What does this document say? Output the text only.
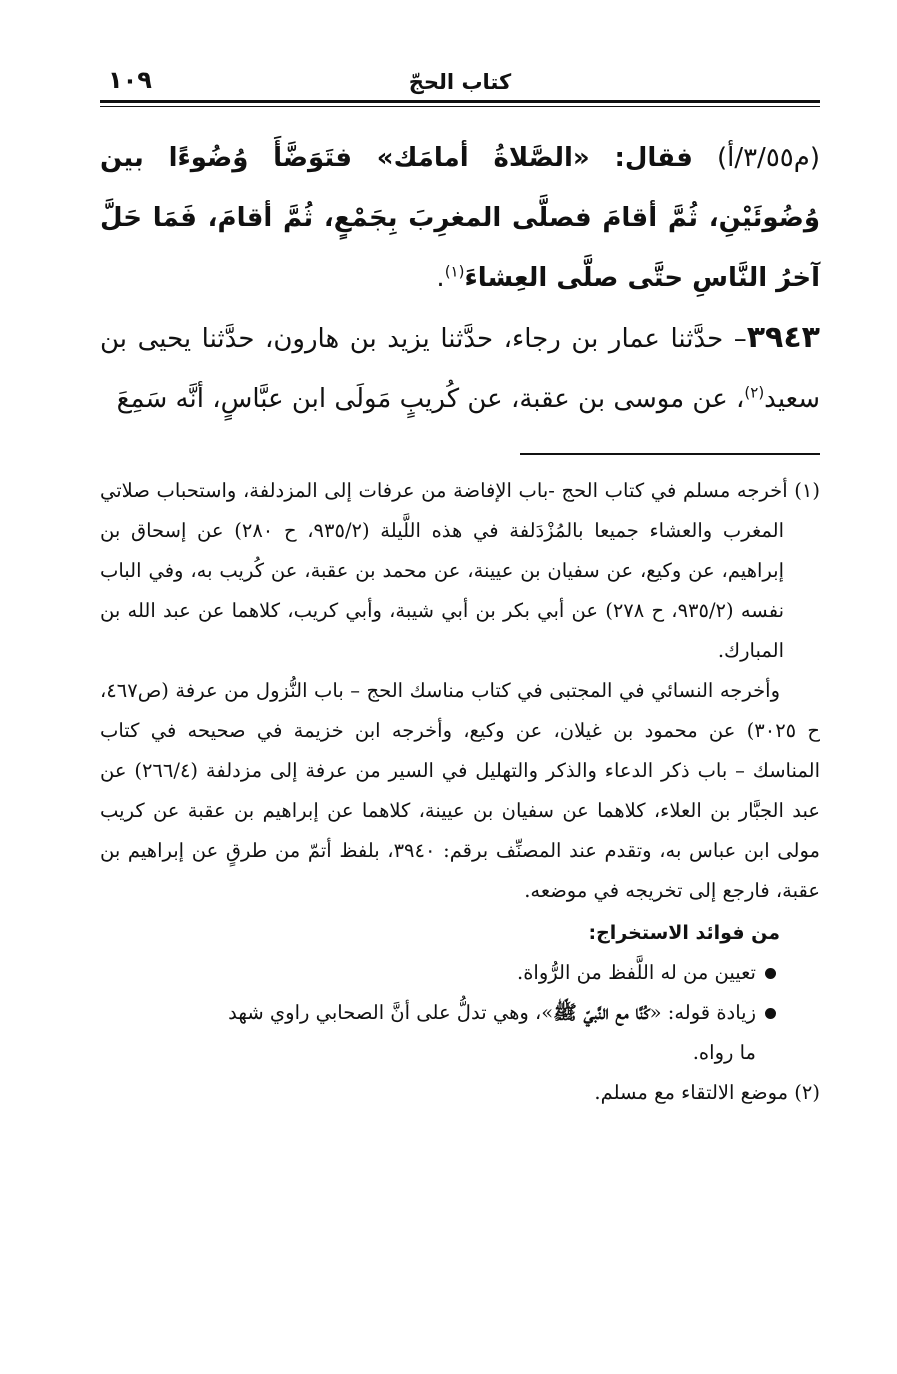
كتاب الحجّ
١٠٩

(م٣/٥٥/أ) فقال: «الصَّلاةُ أمامَك» فتَوَضَّأَ وُضُوءًا بين وُضُوئَيْنِ، ثُمَّ أقامَ فصلَّى المغرِبَ بِجَمْعٍ، ثُمَّ أقامَ، فَمَا حَلَّ آخرُ النَّاسِ حتَّى صلَّى العِشاءَ$^{(١)}$.

٣٩٤٣– حدَّثنا عمار بن رجاء، حدَّثنا يزيد بن هارون، حدَّثنا يحيى بن سعيد$^{(٢)}$، عن موسى بن عقبة، عن كُريبٍ مَولَى ابن عبَّاسٍ، أنَّه سَمِعَ

(١) أخرجه مسلم في كتاب الحج -باب الإفاضة من عرفات إلى المزدلفة، واستحباب صلاتي المغرب والعشاء جميعا بالمُزْدَلفة في هذه اللَّيلة (٩٣٥/٢، ح ٢٨٠) عن إسحاق بن إبراهيم، عن وكيع، عن سفيان بن عيينة، عن محمد بن عقبة، عن كُريب به، وفي الباب نفسه (٩٣٥/٢، ح ٢٧٨) عن أبي بكر بن أبي شيبة، وأبي كريب، كلاهما عن عبد الله بن المبارك.

وأخرجه النسائي في المجتبى في كتاب مناسك الحج – باب النُّزول من عرفة (ص٤٦٧، ح ٣٠٢٥) عن محمود بن غيلان، عن وكيع، وأخرجه ابن خزيمة في صحيحه في كتاب المناسك – باب ذكر الدعاء والذكر والتهليل في السير من عرفة إلى مزدلفة (٢٦٦/٤) عن عبد الجبَّار بن العلاء، كلاهما عن سفيان بن عيينة، كلاهما عن إبراهيم بن عقبة عن كريب مولى ابن عباس به، وتقدم عند المصنِّف برقم: ٣٩٤٠، بلفظ أتمّ من طرقٍ عن إبراهيم بن عقبة، فارجع إلى تخريجه في موضعه.

من فوائد الاستخراج:

تعيين من له اللَّفظ من الرُّواة.
زيادة قوله: «كُنَّا مع النَّبيّ ﷺ»، وهي تدلُّ على أنَّ الصحابي راوي شهد

ما رواه.

(٢) موضع الالتقاء مع مسلم.
